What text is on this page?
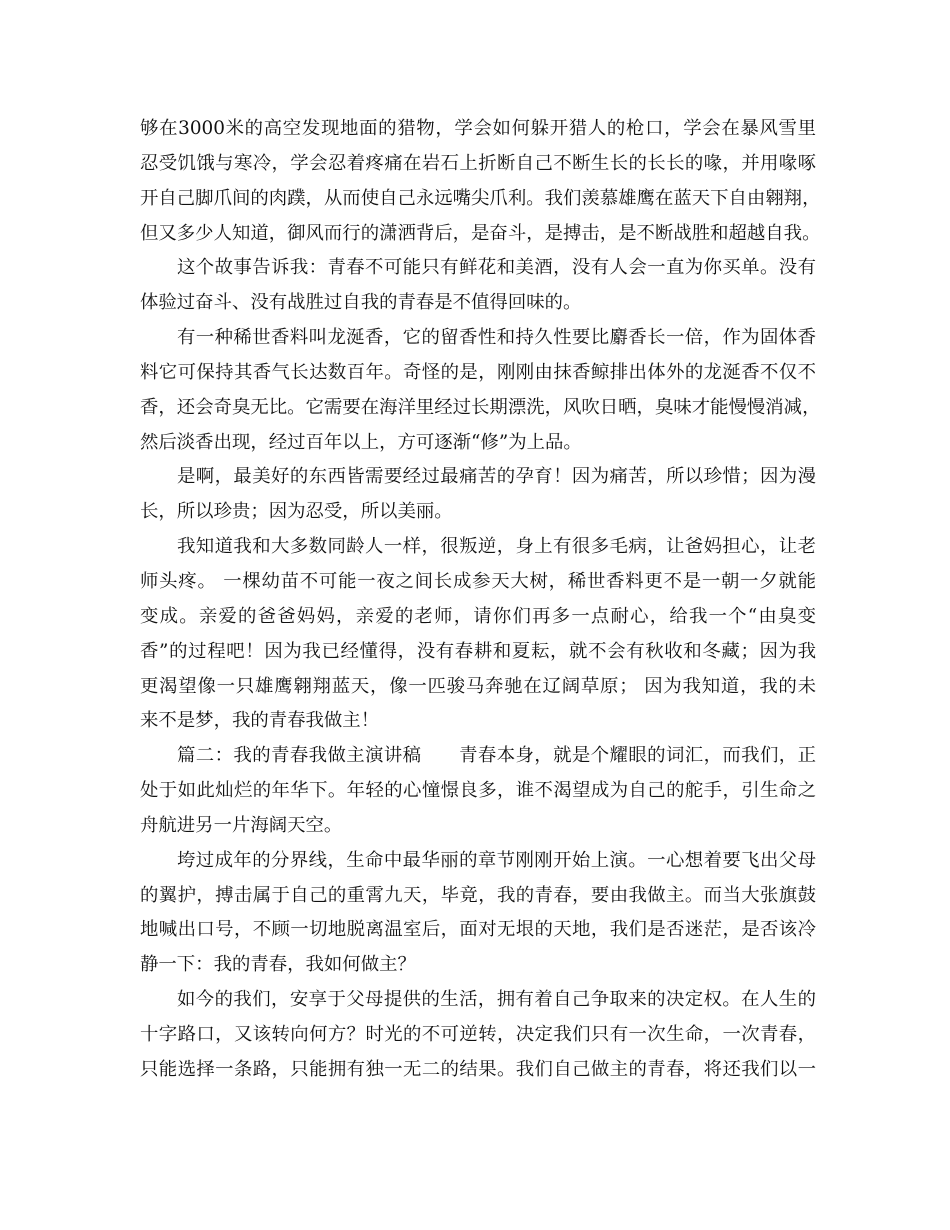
够在3000米的高空发现地面的猎物，学会如何躲开猎人的枪口，学会在暴风雪里
忍受饥饿与寒冷，学会忍着疼痛在岩石上折断自己不断生长的长长的喙，并用喙啄
开自己脚爪间的肉蹼，从而使自己永远嘴尖爪利。我们羡慕雄鹰在蓝天下自由翱翔，
但又多少人知道，御风而行的潇洒背后，是奋斗，是搏击，是不断战胜和超越自我。
这个故事告诉我：青春不可能只有鲜花和美酒，没有人会一直为你买单。没有
体验过奋斗、没有战胜过自我的青春是不值得回味的。
有一种稀世香料叫龙涎香，它的留香性和持久性要比麝香长一倍，作为固体香
料它可保持其香气长达数百年。奇怪的是，刚刚由抹香鲸排出体外的龙涎香不仅不
香，还会奇臭无比。它需要在海洋里经过长期漂洗，风吹日晒，臭味才能慢慢消减，
然后淡香出现，经过百年以上，方可逐渐“修”为上品。
是啊，最美好的东西皆需要经过最痛苦的孕育！因为痛苦，所以珍惜；因为漫
长，所以珍贵；因为忍受，所以美丽。
我知道我和大多数同龄人一样，很叛逆，身上有很多毛病，让爸妈担心，让老
师头疼。 一棵幼苗不可能一夜之间长成参天大树，稀世香料更不是一朝一夕就能
变成。亲爱的爸爸妈妈，亲爱的老师，请你们再多一点耐心，给我一个“由臭变
香”的过程吧！因为我已经懂得，没有春耕和夏耘，就不会有秋收和冬藏；因为我
更渴望像一只雄鹰翱翔蓝天，像一匹骏马奔驰在辽阔草原； 因为我知道，我的未
来不是梦，我的青春我做主！
篇二：我的青春我做主演讲稿　　青春本身，就是个耀眼的词汇，而我们，正
处于如此灿烂的年华下。年轻的心憧憬良多，谁不渴望成为自己的舵手，引生命之
舟航进另一片海阔天空。
垮过成年的分界线，生命中最华丽的章节刚刚开始上演。一心想着要飞出父母
的翼护，搏击属于自己的重霄九天，毕竟，我的青春，要由我做主。而当大张旗鼓
地喊出口号，不顾一切地脱离温室后，面对无垠的天地，我们是否迷茫，是否该冷
静一下：我的青春，我如何做主？
如今的我们，安享于父母提供的生活，拥有着自己争取来的决定权。在人生的
十字路口，又该转向何方？时光的不可逆转，决定我们只有一次生命，一次青春，
只能选择一条路，只能拥有独一无二的结果。我们自己做主的青春，将还我们以一
